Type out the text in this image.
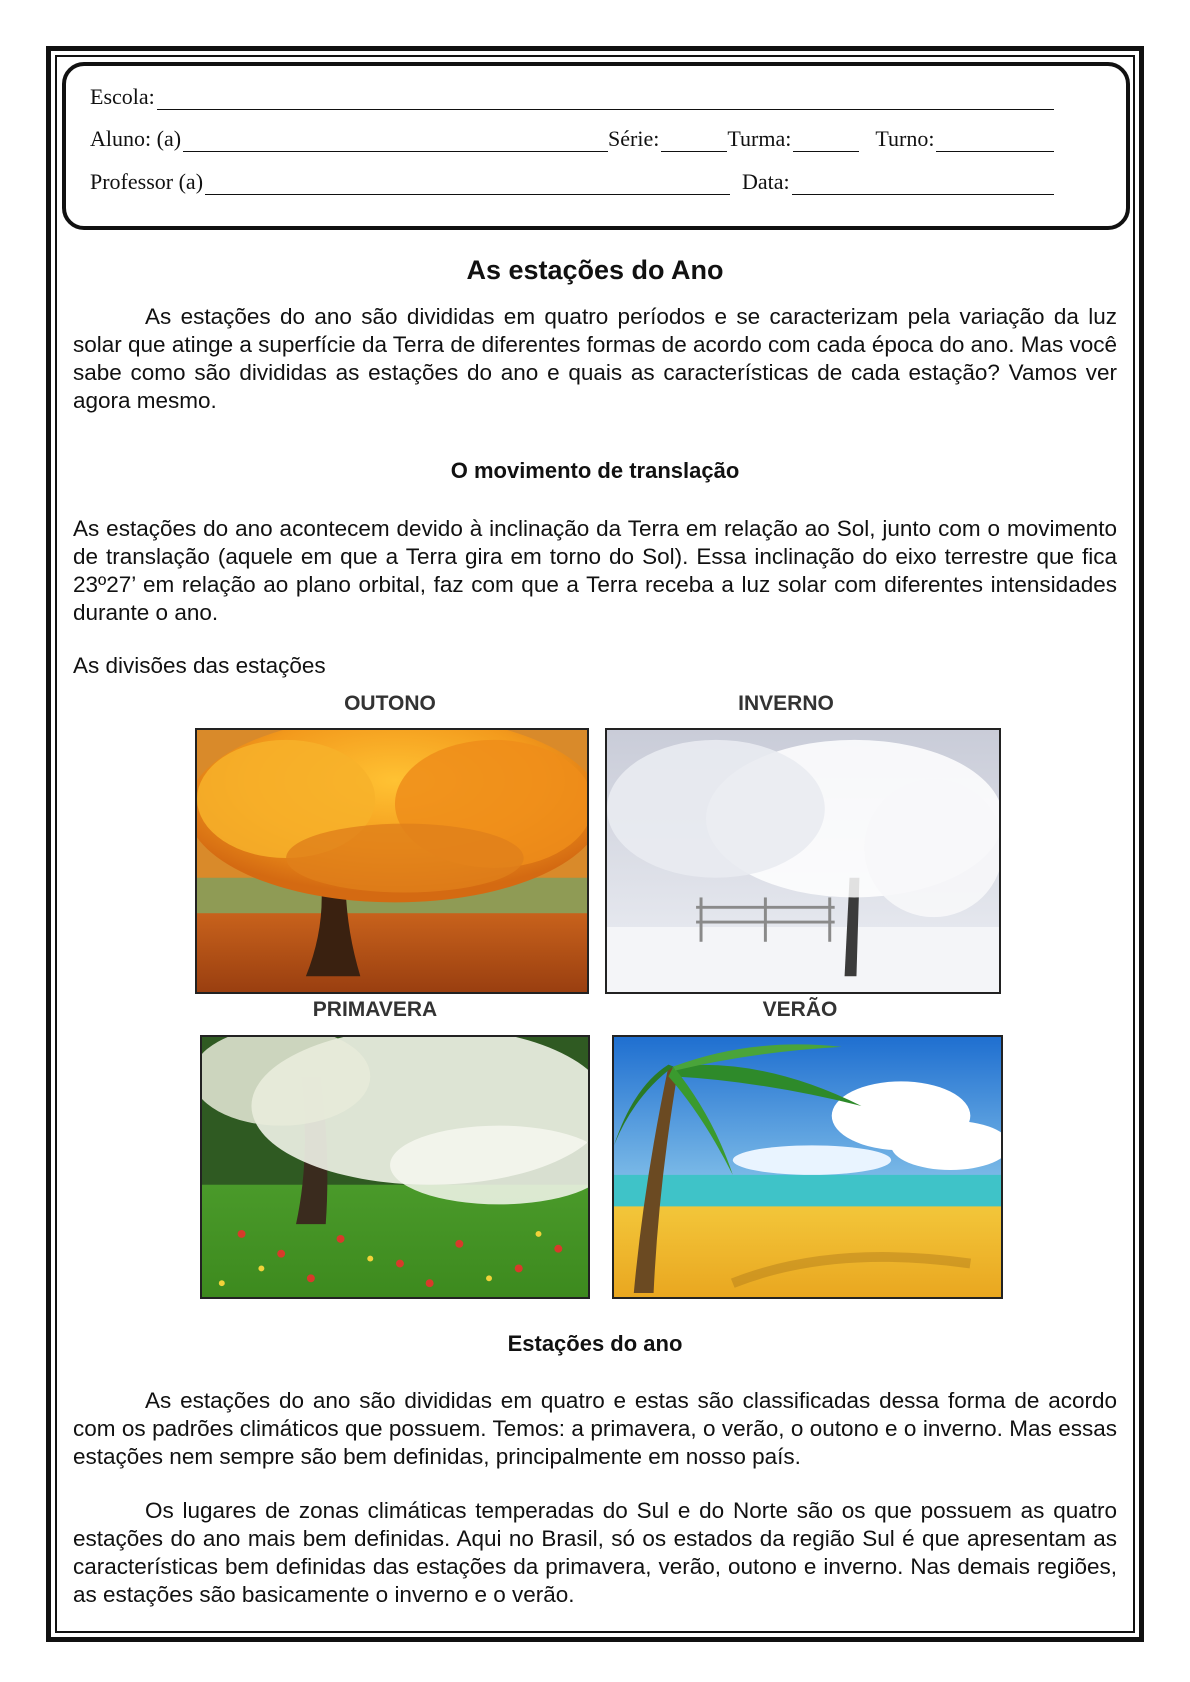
Escola:
Aluno: (a)	Série:	Turma:	Turno:
Professor (a)	Data:
As estações do Ano

As estações do ano são divididas em quatro períodos e se caracterizam pela variação da luz solar que atinge a superfície da Terra de diferentes formas de acordo com cada época do ano. Mas você sabe como são divididas as estações do ano e quais as características de cada estação? Vamos ver agora mesmo.

O movimento de translação

As estações do ano acontecem devido à inclinação da Terra em relação ao Sol, junto com o movimento de translação (aquele em que a Terra gira em torno do Sol). Essa inclinação do eixo terrestre que fica 23º27’ em relação ao plano orbital, faz com que a Terra receba a luz solar com diferentes intensidades durante o ano.

As divisões das estações
OUTONO	INVERNO
PRIMAVERA	VERÃO
Estações do ano

As estações do ano são divididas em quatro e estas são classificadas dessa forma de acordo com os padrões climáticos que possuem. Temos: a primavera, o verão, o outono e o inverno. Mas essas estações nem sempre são bem definidas, principalmente em nosso país.

Os lugares de zonas climáticas temperadas do Sul e do Norte são os que possuem as quatro estações do ano mais bem definidas. Aqui no Brasil, só os estados da região Sul é que apresentam as características bem definidas das estações da primavera, verão, outono e inverno. Nas demais regiões, as estações são basicamente o inverno e o verão.
